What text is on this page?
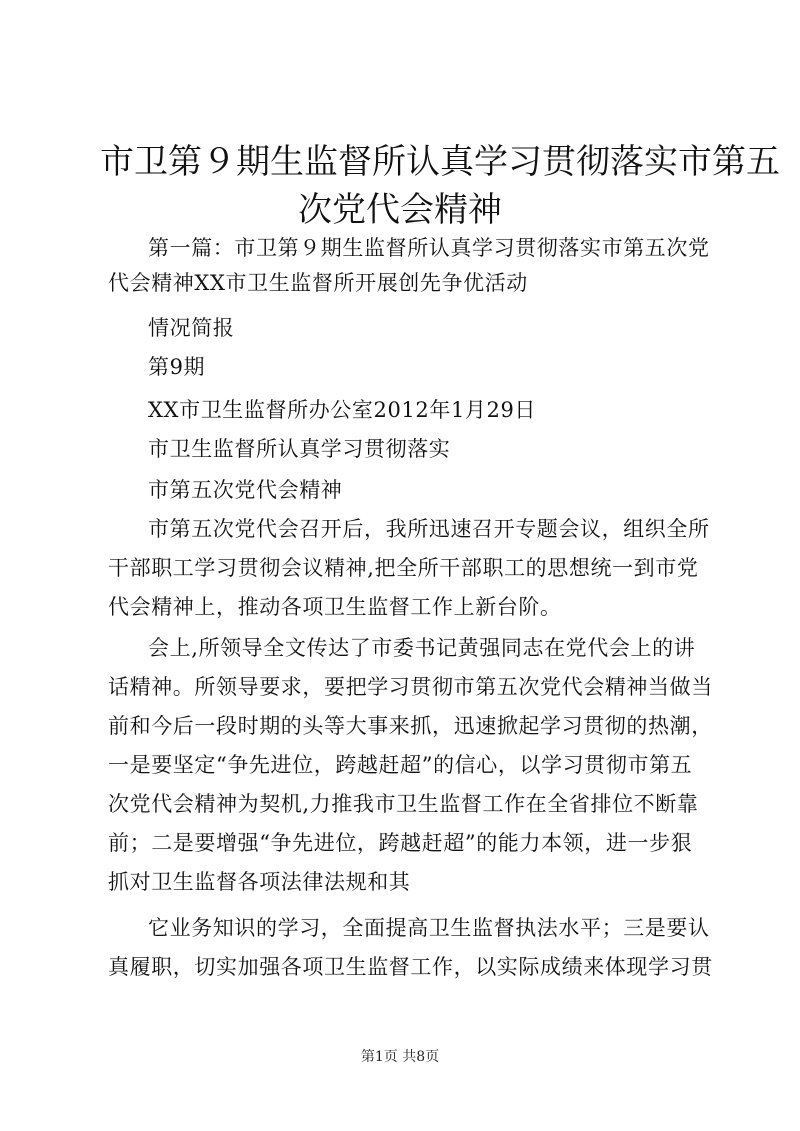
市卫第９期生监督所认真学习贯彻落实市第五
次党代会精神
第一篇：市卫第９期生监督所认真学习贯彻落实市第五次党
代会精神XX市卫生监督所开展创先争优活动
情况简报
第9期
XX市卫生监督所办公室2012年1月29日
市卫生监督所认真学习贯彻落实
市第五次党代会精神
市第五次党代会召开后，我所迅速召开专题会议，组织全所
干部职工学习贯彻会议精神,把全所干部职工的思想统一到市党
代会精神上，推动各项卫生监督工作上新台阶。
会上,所领导全文传达了市委书记黄强同志在党代会上的讲
话精神。所领导要求，要把学习贯彻市第五次党代会精神当做当
前和今后一段时期的头等大事来抓，迅速掀起学习贯彻的热潮，
一是要坚定“争先进位，跨越赶超”的信心，以学习贯彻市第五
次党代会精神为契机,力推我市卫生监督工作在全省排位不断靠
前；二是要增强“争先进位，跨越赶超”的能力本领，进一步狠
抓对卫生监督各项法律法规和其
它业务知识的学习，全面提高卫生监督执法水平；三是要认
真履职，切实加强各项卫生监督工作，以实际成绩来体现学习贯
第1页 共8页
